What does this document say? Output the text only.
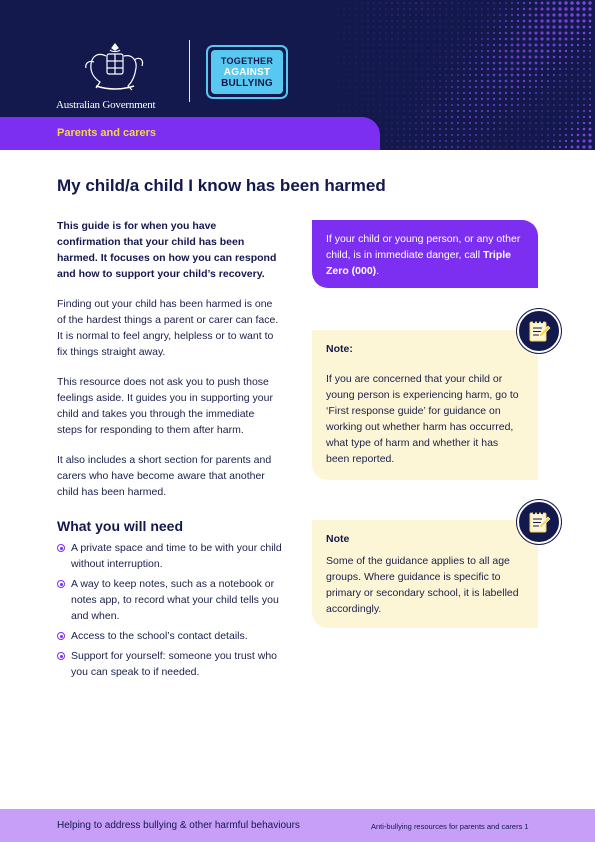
Australian Government
TOGETHER
AGAINST
BULLYING
Parents and carers
My child/a child I know has been harmed

This guide is for when you have confirmation that your child has been harmed. It focuses on how you can respond and how to support your child’s recovery.

Finding out your child has been harmed is one of the hardest things a parent or carer can face. It is normal to feel angry, helpless or to want to fix things straight away.

This resource does not ask you to push those feelings aside. It guides you in supporting your child and takes you through the immediate steps for responding to them after harm.

It also includes a short section for parents and carers who have become aware that another child has been harmed.

What you will need
A private space and time to be with your child without interruption.
A way to keep notes, such as a notebook or notes app, to record what your child tells you and when.
Access to the school’s contact details.
Support for yourself: someone you trust who you can speak to if needed.
If your child or young person, or any other child, is in immediate danger, call Triple Zero (000).
Note:
If you are concerned that your child or young person is experiencing harm, go to ‘First response guide’ for guidance on working out whether harm has occurred, what type of harm and whether it has been reported.
Note
Some of the guidance applies to all age groups. Where guidance is specific to primary or secondary school, it is labelled accordingly.
Helping to address bullying & other harmful behaviours	Anti-bullying resources for parents and carers 1
